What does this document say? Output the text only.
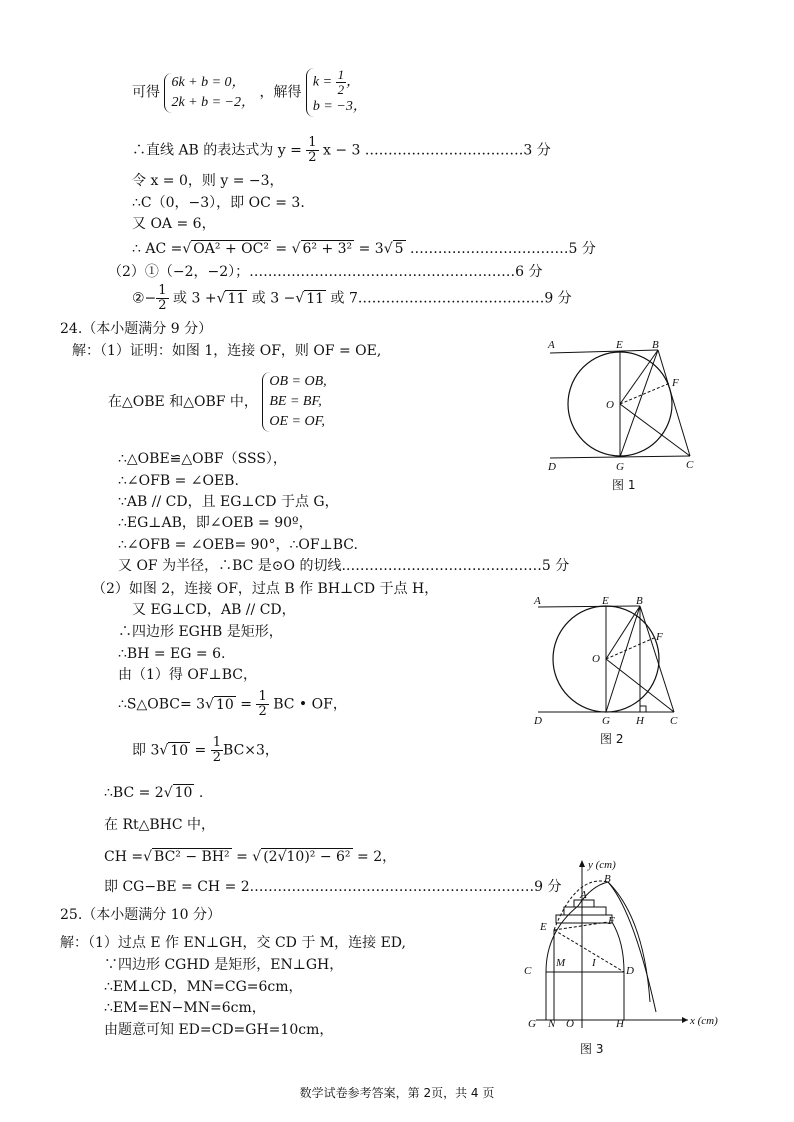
可得 6k + b = 0，
2k + b = −2， ，解得 $k = \frac{1}{2}$ ，
b = −3，
∴直线 AB 的表达式为 $y = \frac{1}{2}$ x − 3 .……………………………3 分
令 x = 0，则 y = −3，
∴C（0，−3），即 OC = 3.
又 OA = 6，
∴ AC =√ OA² + OC² = √ 6² + 3² = 3√ 5 .……………………………5 分
（2）①（−2，−2）；…………………………………………………6 分
②− $\frac{1}{2}$ 或 3 +√ 11 或 3 −√ 11 或 7.…………………………………9 分
24.（本小题满分 9 分）
解：（1）证明：如图 1，连接 OF，则 OF = OE,
在△OBE 和△OBF 中， OB = OB,
BE = BF,
OE = OF,
∴△OBE≌△OBF（SSS），
∴∠OFB = ∠OEB.
∵AB // CD，且 EG⊥CD 于点 G，
∴EG⊥AB，即∠OEB = 90º，
∴∠OFB = ∠OEB= 90°，∴OF⊥BC.
又 OF 为半径，∴BC 是⊙O 的切线.……………………………………5 分
（2）如图 2，连接 OF，过点 B 作 BH⊥CD 于点 H，
又 EG⊥CD，AB // CD，
∴四边形 EGHB 是矩形，
∴BH = EG = 6.
由（1）得 OF⊥BC，
∴S△OBC= 3√ $10 = \frac{1}{2}$ BC • OF，
即 3√ $10 = \frac{1}{2} BC\times 3$，
∴BC = 2√ 10 .
在 Rt△BHC 中，
CH =√ BC² − BH² = √ (2√10)² − 6² = 2，
即 CG−BE = CH = 2.……………………………………………………9 分
25.（本小题满分 10 分）
解：（1）过点 E 作 EN⊥GH，交 CD 于 M，连接 ED,
∵四边形 CGHD 是矩形，EN⊥GH，
∴EM⊥CD，MN=CG=6cm，
∴EM=EN−MN=6cm，
由题意可知 ED=CD=GH=10cm，
A	E	B
F
O
D	G	C
图 1
A	E B
F
O
D	G H C
图 2
y (cm)
x (cm)
B
A
E	F
C
M I
D
G N O	H
图 3
数学试卷参考答案，第 2页，共 4 页
